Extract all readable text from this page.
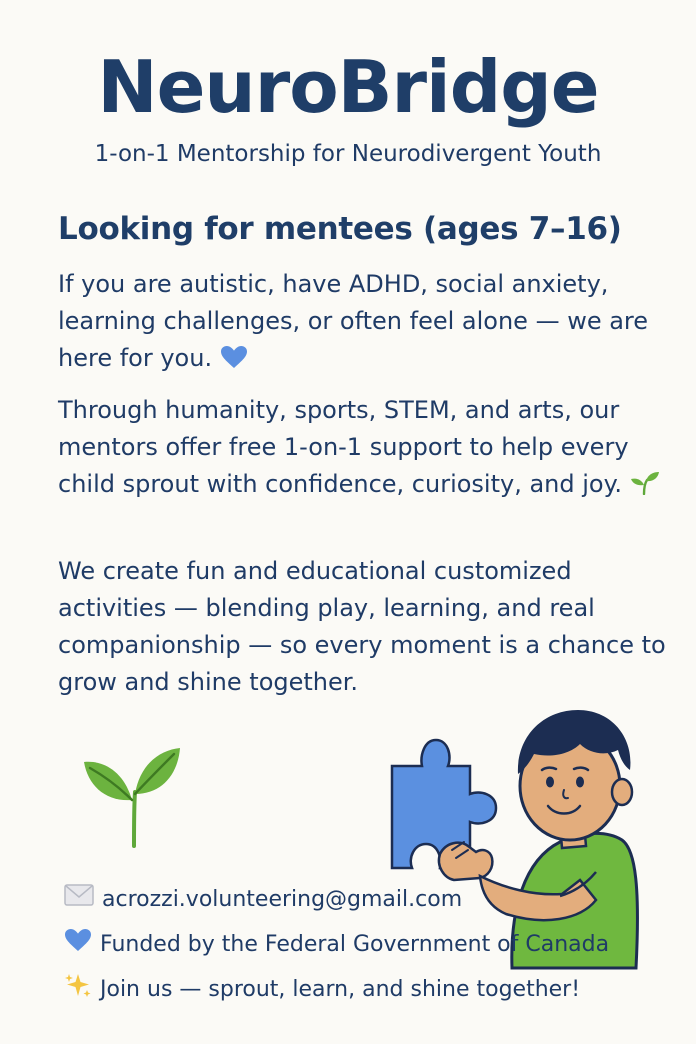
NeuroBridge

1-on-1 Mentorship for Neurodivergent Youth

Looking for mentees (ages 7–16)

If you are autistic, have ADHD, social anxiety, learning challenges, or often feel alone — we are here for you.

Through humanity, sports, STEM, and arts, our mentors offer free 1-on-1 support to help every child sprout with confidence, curiosity, and joy.

We create fun and educational customized activities — blending play, learning, and real companionship — so every moment is a chance to grow and shine together.

acrozzi.volunteering@gmail.com
Funded by the Federal Government of Canada
Join us — sprout, learn, and shine together!
